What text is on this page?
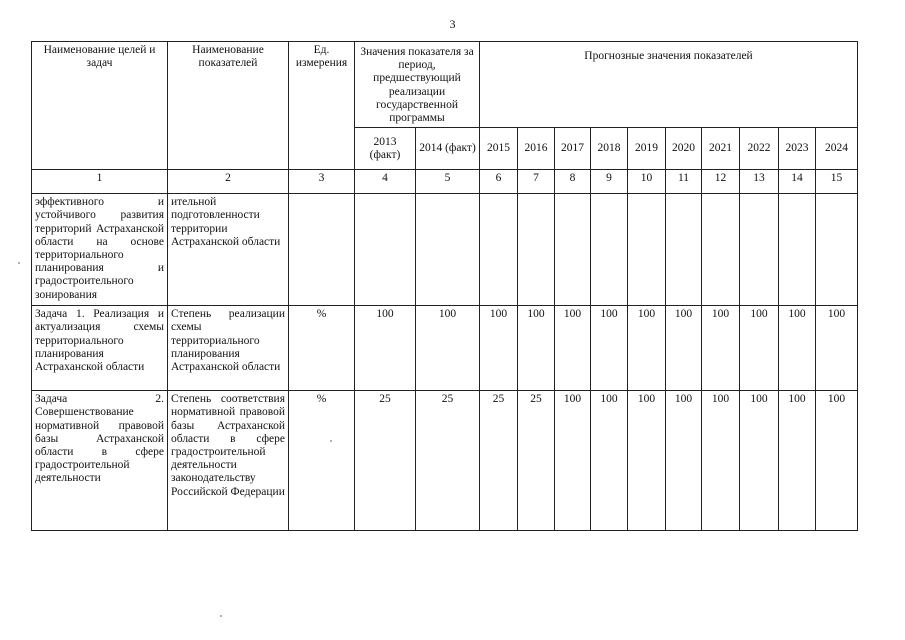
3
Наименование целей и задач	Наименование показателей	Ед. измерения	Значения показателя за период, предшествующий реализации государственной программы		Прогнозные значения показателей									
			2013 (факт)	2014 (факт)	2015	2016	2017	2018	2019	2020	2021	2022	2023	2024
1	2	3	4	5	6	7	8	9	10	11	12	13	14	15
эффективного и устойчивого развития территорий Астраханской области на основе территориального планирования и градостроительного зонирования	ительной подготовленности территории Астраханской области													
Задача 1. Реализация и актуализация схемы территориального планирования Астраханской области	Степень реализации схемы территориального планирования Астраханской области	%	100	100	100	100	100	100	100	100	100	100	100	100
Задача 2. Совершенствование нормативной правовой базы Астраханской области в сфере градостроительной деятельности	Степень соответствия нормативной правовой базы Астраханской области в сфере градостроительной деятельности законодательству Российской Федерации	%	25	25	25	25	100	100	100	100	100	100	100	100
